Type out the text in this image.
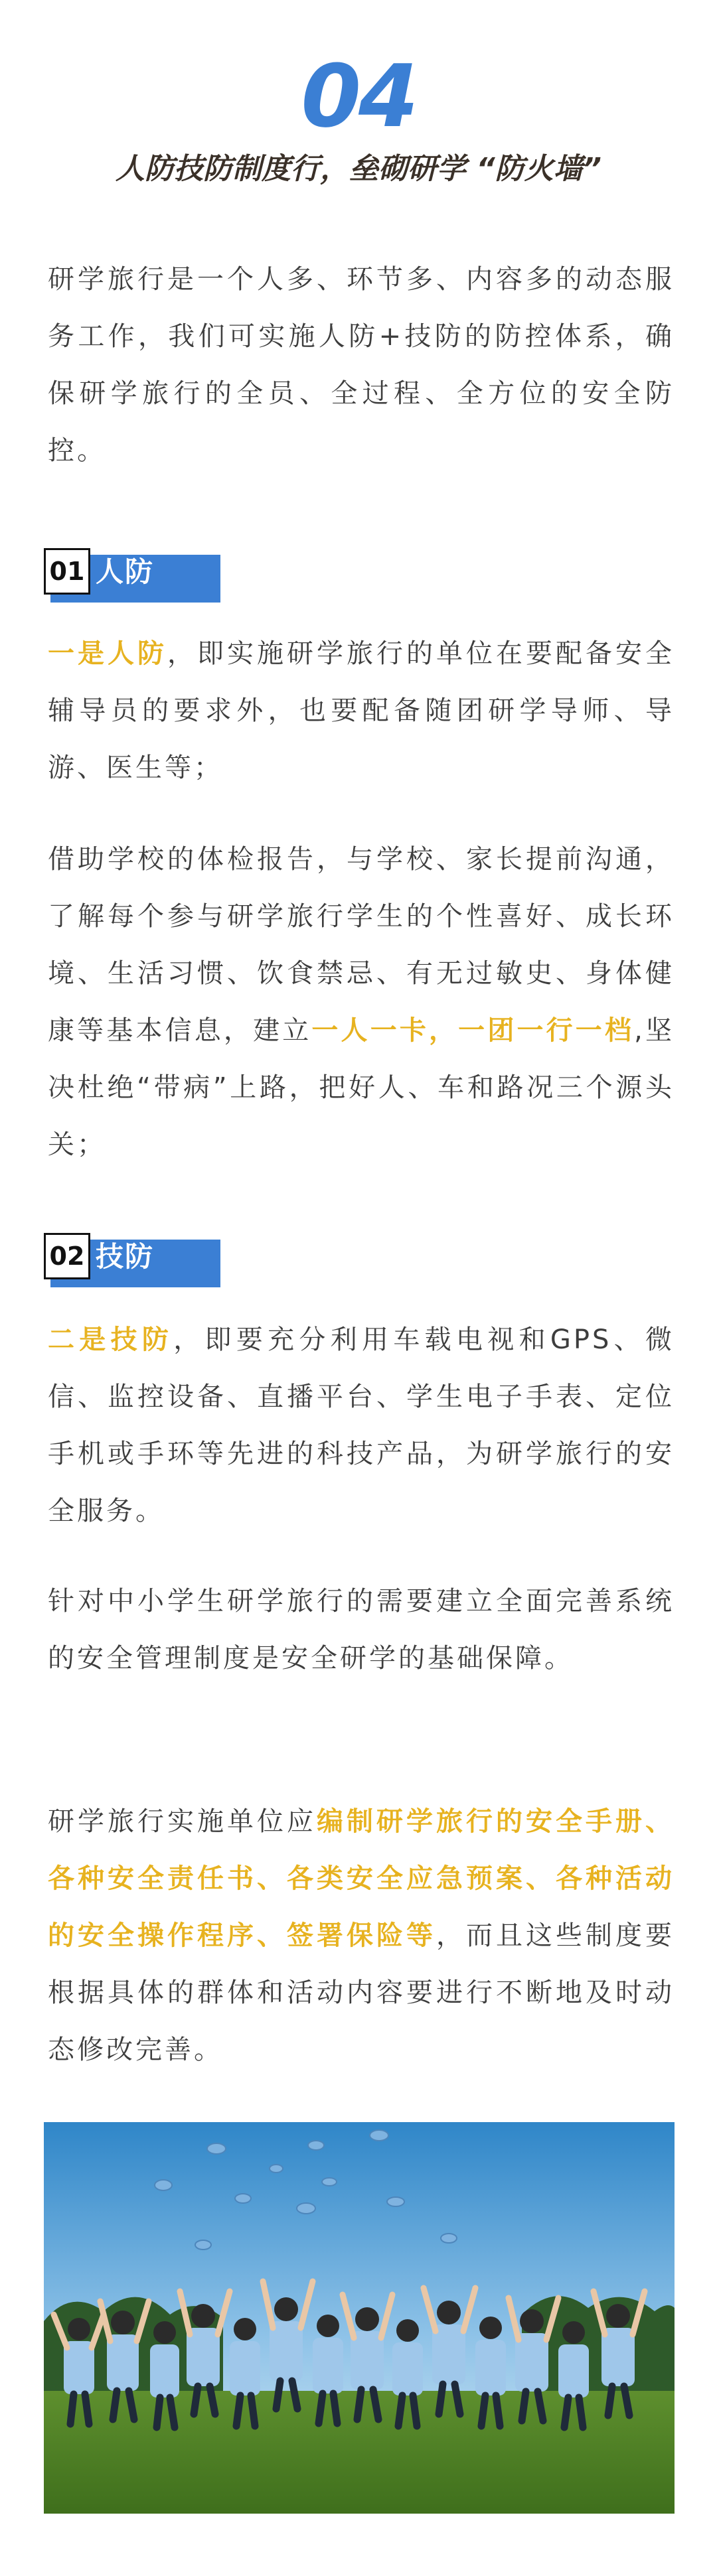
04
人防技防制度行，垒砌研学 “防火墙”

研学旅行是一个人多、环节多、内容多的动态服务工作，我们可实施人防+技防的防控体系，确保研学旅行的全员、全过程、全方位的安全防控。

01 人防

一是人防，即实施研学旅行的单位在要配备安全辅导员的要求外，也要配备随团研学导师、导游、医生等；

借助学校的体检报告，与学校、家长提前沟通，了解每个参与研学旅行学生的个性喜好、成长环境、生活习惯、饮食禁忌、有无过敏史、身体健康等基本信息，建立一人一卡，一团一行一档,坚决杜绝“带病”上路，把好人、车和路况三个源头关；

02 技防

二是技防，即要充分利用车载电视和GPS、微信、监控设备、直播平台、学生电子手表、定位手机或手环等先进的科技产品，为研学旅行的安全服务。

针对中小学生研学旅行的需要建立全面完善系统的安全管理制度是安全研学的基础保障。

研学旅行实施单位应编制研学旅行的安全手册、各种安全责任书、各类安全应急预案、各种活动的安全操作程序、签署保险等，而且这些制度要根据具体的群体和活动内容要进行不断地及时动态修改完善。
